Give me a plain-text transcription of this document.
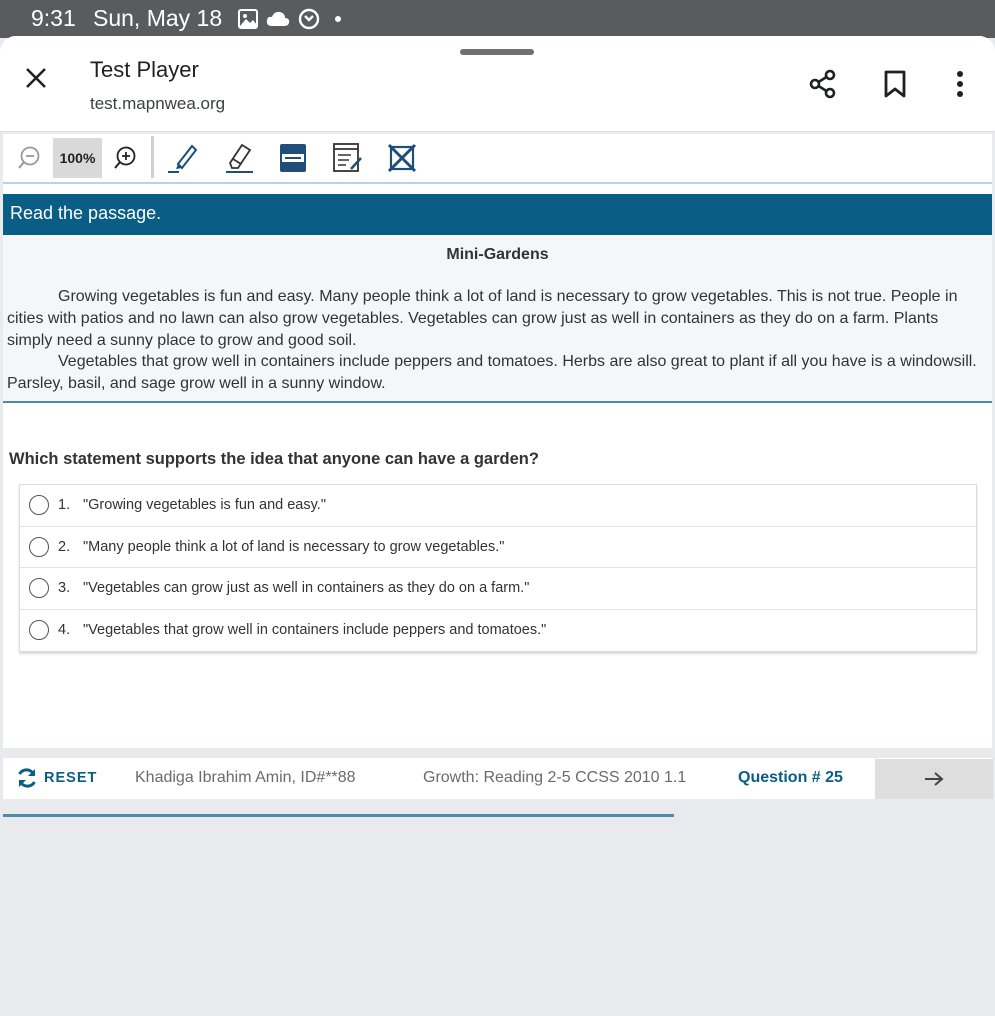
9:31 Sun, May 18
Test Player
test.mapnwea.org
100%
Read the passage.
Mini-Gardens

Growing vegetables is fun and easy. Many people think a lot of land is necessary to grow vegetables. This is not true. People in cities with patios and no lawn can also grow vegetables. Vegetables can grow just as well in containers as they do on a farm. Plants simply need a sunny place to grow and good soil.

Vegetables that grow well in containers include peppers and tomatoes. Herbs are also great to plant if all you have is a windowsill. Parsley, basil, and sage grow well in a sunny window.

Which statement supports the idea that anyone can have a garden?
1. "Growing vegetables is fun and easy."
2. "Many people think a lot of land is necessary to grow vegetables."
3. "Vegetables can grow just as well in containers as they do on a farm."
4. "Vegetables that grow well in containers include peppers and tomatoes."
RESET Khadiga Ibrahim Amin, ID#**88	Growth: Reading 2-5 CCSS 2010 1.1	Question # 25
